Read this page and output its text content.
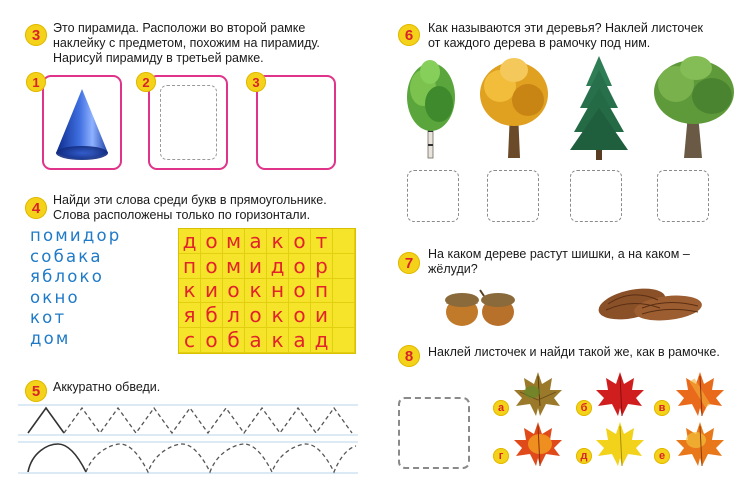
3	Это пирамида. Расположи во второй рамке
наклейку с предметом, похожим на пирамиду.
Нарисуй пирамиду в третьей рамке.
1	2	3
4	Найди эти слова среди букв в прямоугольнике.
Слова расположены только по горизонтали.
помидор
собака
яблоко
окно
кот
дом
д о м а к о т
п о м и д о р
к и о к н о п
я б л о к о и
с о б а к а д
5	Аккуратно обведи.
6	Как называются эти деревья? Наклей листочек
от каждого дерева в рамочку под ним.
7
На каком дереве растут шишки, а на каком –
жёлуди?
8	Наклей листочек и найди такой же, как в рамочке.
а	б	в
г	д	е
